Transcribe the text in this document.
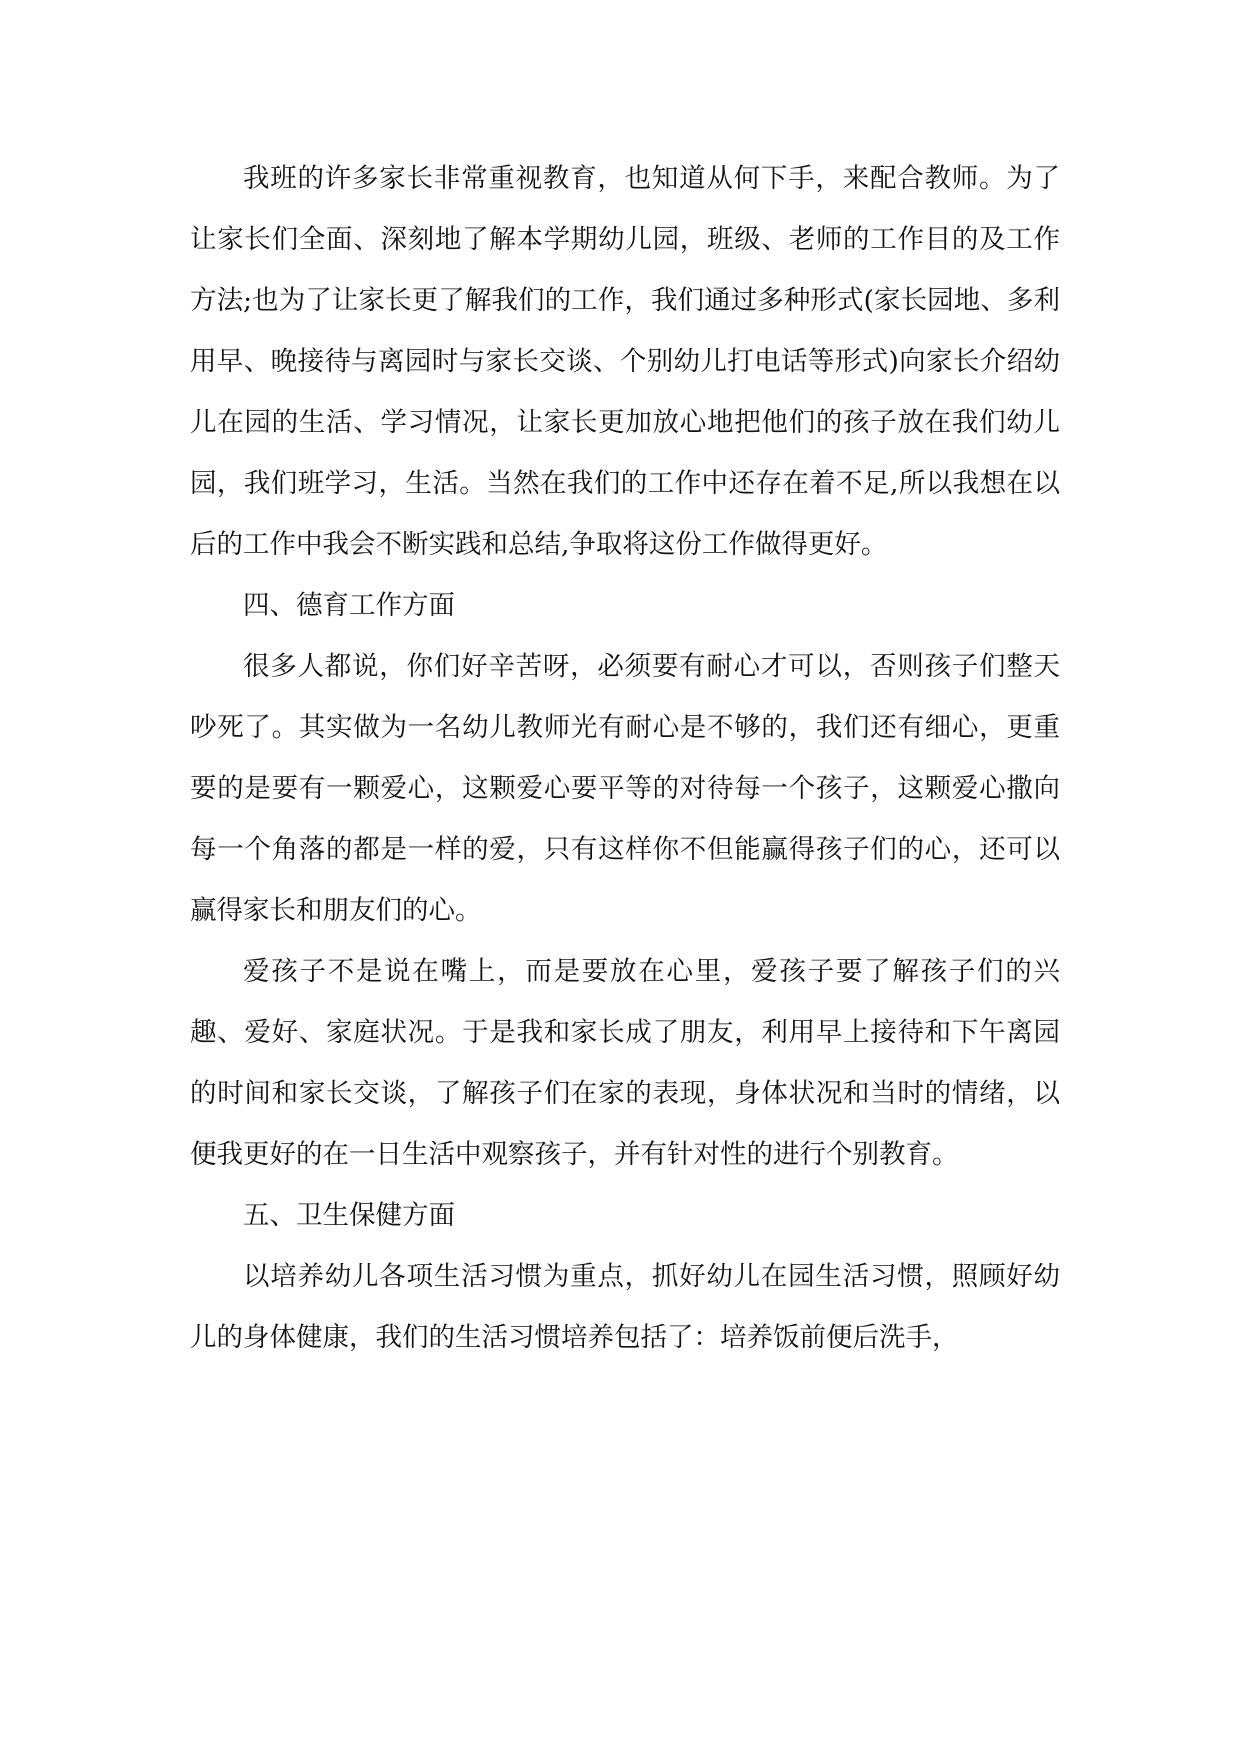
我班的许多家长非常重视教育，也知道从何下手，来配合教师。为了让家长们全面、深刻地了解本学期幼儿园，班级、老师的工作目的及工作方法;也为了让家长更了解我们的工作，我们通过多种形式(家长园地、多利用早、晚接待与离园时与家长交谈、个别幼儿打电话等形式)向家长介绍幼儿在园的生活、学习情况，让家长更加放心地把他们的孩子放在我们幼儿园，我们班学习，生活。当然在我们的工作中还存在着不足,所以我想在以后的工作中我会不断实践和总结,争取将这份工作做得更好。

四、德育工作方面

很多人都说，你们好辛苦呀，必须要有耐心才可以，否则孩子们整天吵死了。其实做为一名幼儿教师光有耐心是不够的，我们还有细心，更重要的是要有一颗爱心，这颗爱心要平等的对待每一个孩子，这颗爱心撒向每一个角落的都是一样的爱，只有这样你不但能赢得孩子们的心，还可以赢得家长和朋友们的心。

爱孩子不是说在嘴上，而是要放在心里，爱孩子要了解孩子们的兴趣、爱好、家庭状况。于是我和家长成了朋友，利用早上接待和下午离园的时间和家长交谈，了解孩子们在家的表现，身体状况和当时的情绪，以便我更好的在一日生活中观察孩子，并有针对性的进行个别教育。

五、卫生保健方面

以培养幼儿各项生活习惯为重点，抓好幼儿在园生活习惯，照顾好幼儿的身体健康，我们的生活习惯培养包括了：培养饭前便后洗手，
